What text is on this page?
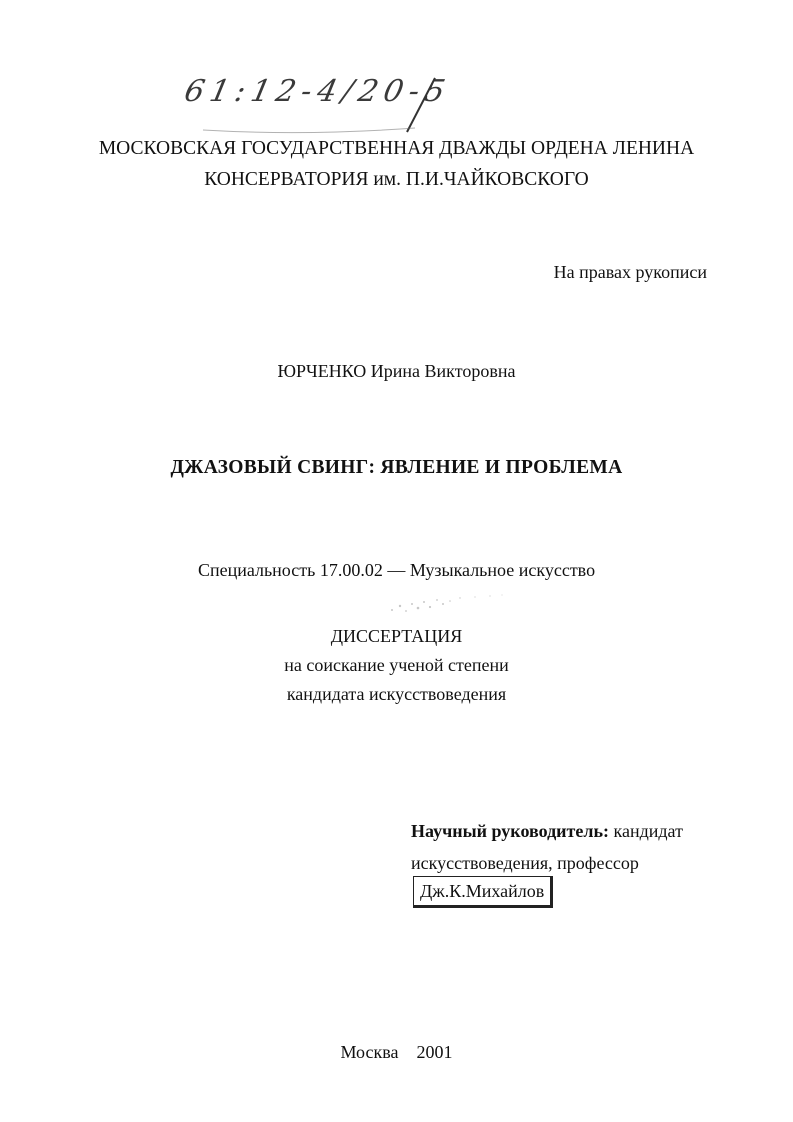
61:12-4/20-5
МОСКОВСКАЯ ГОСУДАРСТВЕННАЯ ДВАЖДЫ ОРДЕНА ЛЕНИНА
КОНСЕРВАТОРИЯ им. П.И.ЧАЙКОВСКОГО
На правах рукописи
ЮРЧЕНКО Ирина Викторовна
ДЖАЗОВЫЙ СВИНГ: ЯВЛЕНИЕ И ПРОБЛЕМА
Специальность 17.00.02 — Музыкальное искусство
ДИССЕРТАЦИЯ
на соискание ученой степени
кандидата искусствоведения
Научный руководитель: кандидат
искусствоведения, профессор
Дж.К.Михайлов
Москва 2001
